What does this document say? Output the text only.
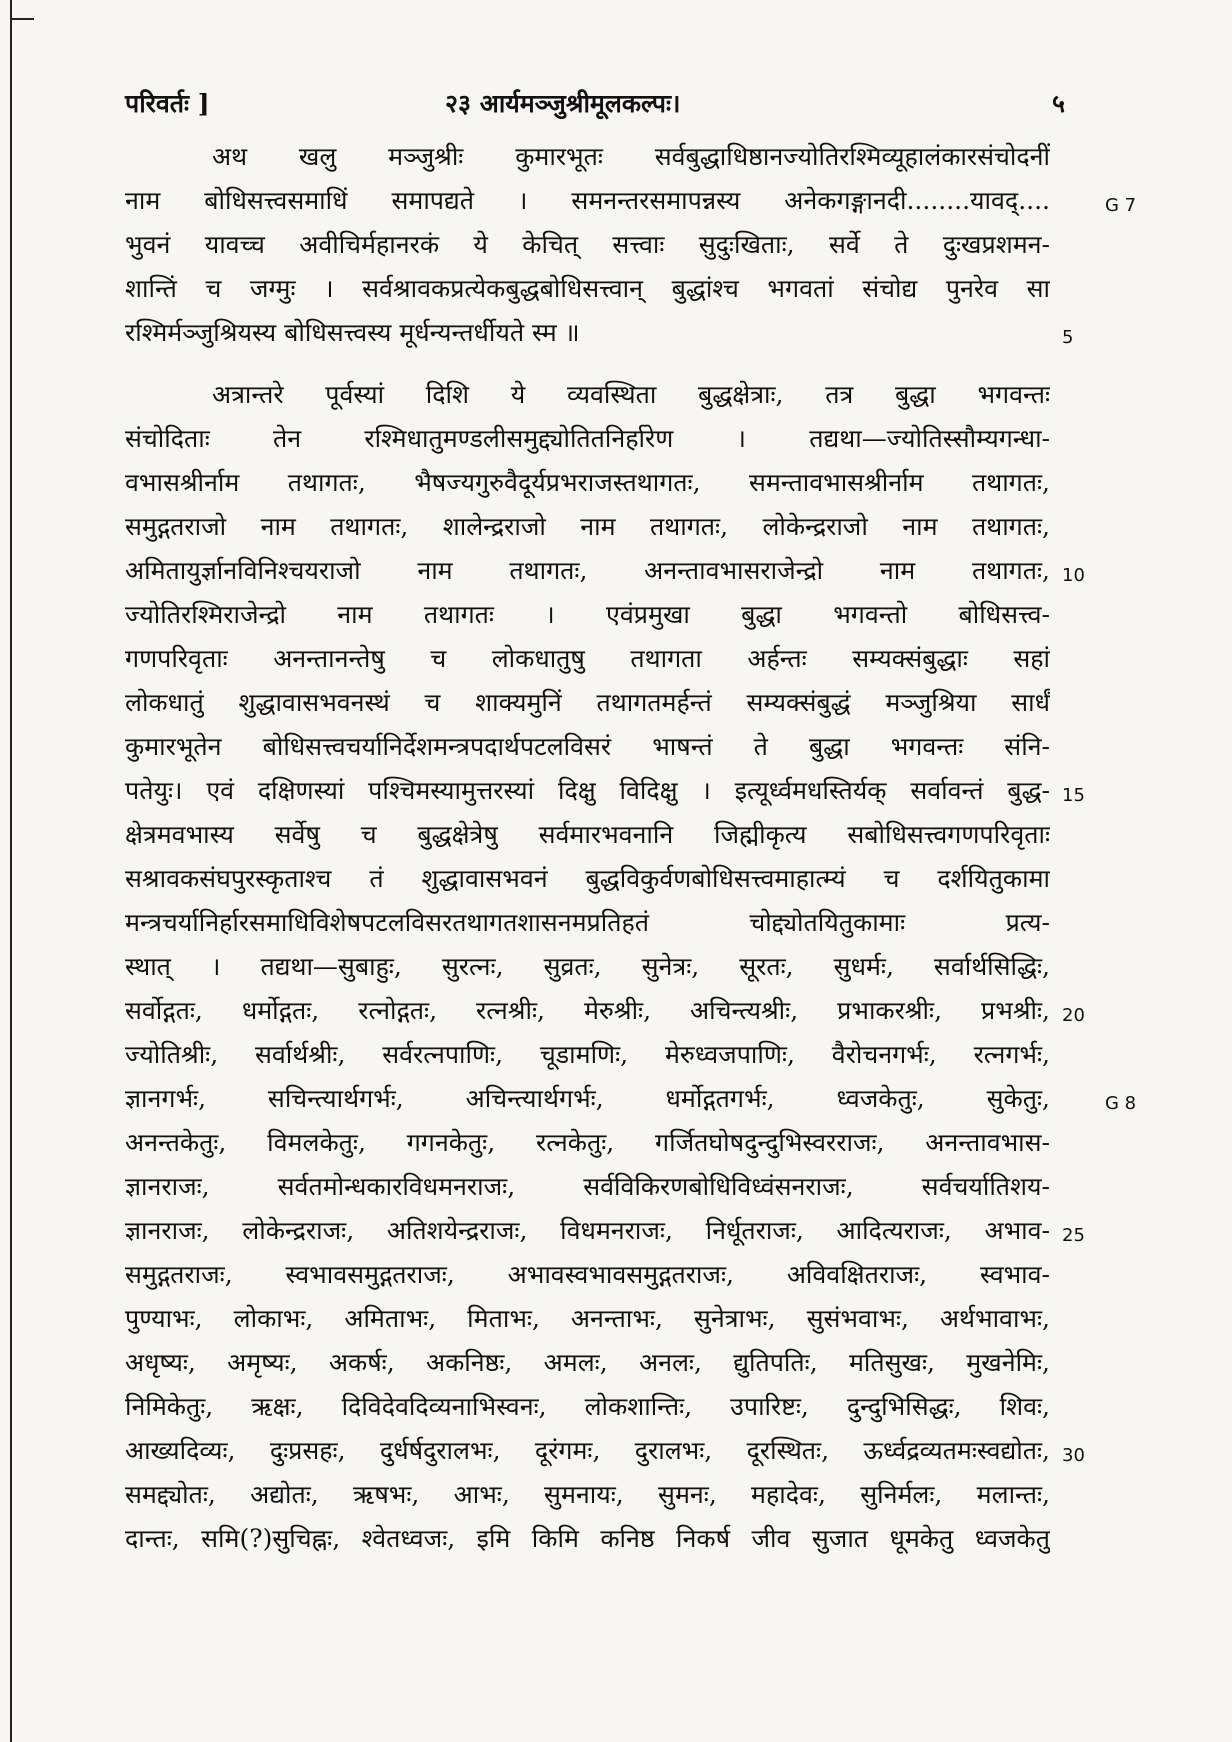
परिवर्तः ]	२३ आर्यमञ्जुश्रीमूलकल्पः।	५
अथ खलु मञ्जुश्रीः कुमारभूतः सर्वबुद्धाधिष्ठानज्योतिरश्मिव्यूहालंकारसंचोदनीं
नाम बोधिसत्त्वसमाधिं समापद्यते । समनन्तरसमापन्नस्य अनेकगङ्गानदी........यावद्....
भुवनं यावच्च अवीचिर्महानरकं ये केचित् सत्त्वाः सुदुःखिताः, सर्वे ते दुःखप्रशमन-
शान्तिं च जग्मुः । सर्वश्रावकप्रत्येकबुद्धबोधिसत्त्वान् बुद्धांश्च भगवतां संचोद्य पुनरेव सा
रश्मिर्मञ्जुश्रियस्य बोधिसत्त्वस्य मूर्धन्यन्तर्धीयते स्म ॥
अत्रान्तरे पूर्वस्यां दिशि ये व्यवस्थिता बुद्धक्षेत्राः, तत्र बुद्धा भगवन्तः
संचोदिताः तेन रश्मिधातुमण्डलीसमुद्द्योतितनिर्हारेण । तद्यथा—ज्योतिस्सौम्यगन्धा-
वभासश्रीर्नाम तथागतः, भैषज्यगुरुवैदूर्यप्रभराजस्तथागतः, समन्तावभासश्रीर्नाम तथागतः,
समुद्गतराजो नाम तथागतः, शालेन्द्रराजो नाम तथागतः, लोकेन्द्रराजो नाम तथागतः,
अमितायुर्ज्ञानविनिश्चयराजो नाम तथागतः, अनन्तावभासराजेन्द्रो नाम तथागतः,
ज्योतिरश्मिराजेन्द्रो नाम तथागतः । एवंप्रमुखा बुद्धा भगवन्तो बोधिसत्त्व-
गणपरिवृताः अनन्तानन्तेषु च लोकधातुषु तथागता अर्हन्तः सम्यक्संबुद्धाः सहां
लोकधातुं शुद्धावासभवनस्थं च शाक्यमुनिं तथागतमर्हन्तं सम्यक्संबुद्धं मञ्जुश्रिया सार्धं
कुमारभूतेन बोधिसत्त्वचर्यानिर्देशमन्त्रपदार्थपटलविसरं भाषन्तं ते बुद्धा भगवन्तः संनि-
पतेयुः। एवं दक्षिणस्यां पश्चिमस्यामुत्तरस्यां दिक्षु विदिक्षु । इत्यूर्ध्वमधस्तिर्यक् सर्वावन्तं बुद्ध-
क्षेत्रमवभास्य सर्वेषु च बुद्धक्षेत्रेषु सर्वमारभवनानि जिह्मीकृत्य सबोधिसत्त्वगणपरिवृताः
सश्रावकसंघपुरस्कृताश्च तं शुद्धावासभवनं बुद्धविकुर्वणबोधिसत्त्वमाहात्म्यं च दर्शयितुकामा
मन्त्रचर्यानिर्हारसमाधिविशेषपटलविसरतथागतशासनमप्रतिहतं चोद्द्योतयितुकामाः प्रत्य-
स्थात् । तद्यथा—सुबाहुः, सुरत्नः, सुव्रतः, सुनेत्रः, सूरतः, सुधर्मः, सर्वार्थसिद्धिः,
सर्वोद्गतः, धर्मोद्गतः, रत्नोद्गतः, रत्नश्रीः, मेरुश्रीः, अचिन्त्यश्रीः, प्रभाकरश्रीः, प्रभश्रीः,
ज्योतिश्रीः, सर्वार्थश्रीः, सर्वरत्नपाणिः, चूडामणिः, मेरुध्वजपाणिः, वैरोचनगर्भः, रत्नगर्भः,
ज्ञानगर्भः, सचिन्त्यार्थगर्भः, अचिन्त्यार्थगर्भः, धर्मोद्गतगर्भः, ध्वजकेतुः, सुकेतुः,
अनन्तकेतुः, विमलकेतुः, गगनकेतुः, रत्नकेतुः, गर्जितघोषदुन्दुभिस्वरराजः, अनन्तावभास-
ज्ञानराजः, सर्वतमोन्धकारविधमनराजः, सर्वविकिरणबोधिविध्वंसनराजः, सर्वचर्यातिशय-
ज्ञानराजः, लोकेन्द्रराजः, अतिशयेन्द्रराजः, विधमनराजः, निर्धूतराजः, आदित्यराजः, अभाव-
समुद्गतराजः, स्वभावसमुद्गतराजः, अभावस्वभावसमुद्गतराजः, अविवक्षितराजः, स्वभाव-
पुण्याभः, लोकाभः, अमिताभः, मिताभः, अनन्ताभः, सुनेत्राभः, सुसंभवाभः, अर्थभावाभः,
अधृष्यः, अमृष्यः, अकर्षः, अकनिष्ठः, अमलः, अनलः, द्युतिपतिः, मतिसुखः, मुखनेमिः,
निमिकेतुः, ऋक्षः, दिविदेवदिव्यनाभिस्वनः, लोकशान्तिः, उपारिष्टः, दुन्दुभिसिद्धः, शिवः,
आख्यदिव्यः, दुःप्रसहः, दुर्धर्षदुरालभः, दूरंगमः, दुरालभः, दूरस्थितः, ऊर्ध्वद्रव्यतमःस्वद्योतः,
समद्द्योतः, अद्योतः, ऋषभः, आभः, सुमनायः, सुमनः, महादेवः, सुनिर्मलः, मलान्तः,
दान्तः, समि(?)सुचिह्नः, श्वेतध्वजः, इमि किमि कनिष्ठ निकर्ष जीव सुजात धूमकेतु ध्वजकेतु
5
10
15
20
25
30
G 7
G 8
